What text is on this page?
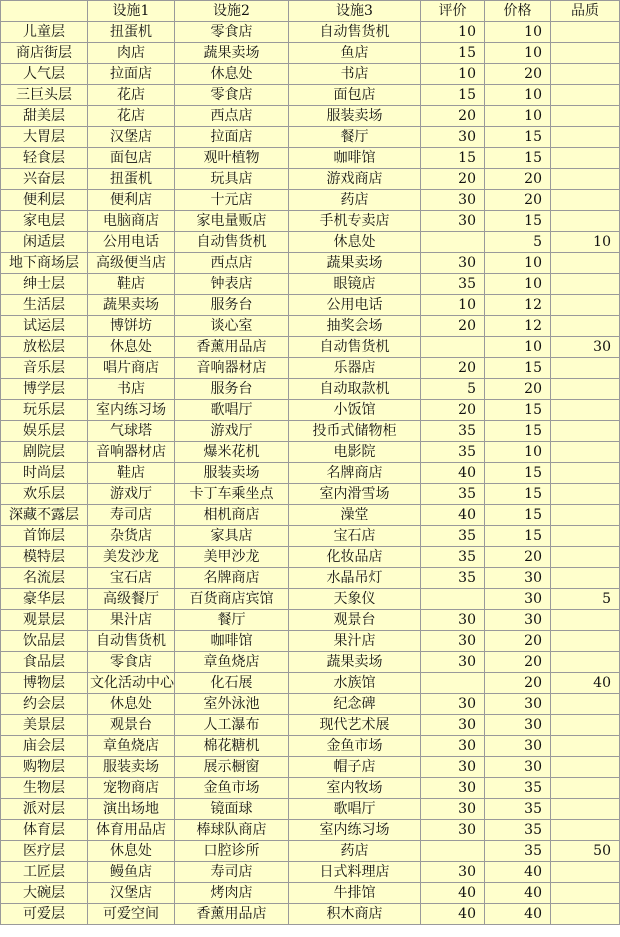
	设施1	设施2	设施3	评价	价格	品质
儿童层	扭蛋机	零食店	自动售货机	10	10	
商店街层	肉店	蔬果卖场	鱼店	15	10	
人气层	拉面店	休息处	书店	10	20	
三巨头层	花店	零食店	面包店	15	10	
甜美层	花店	西点店	服装卖场	20	10	
大胃层	汉堡店	拉面店	餐厅	30	15	
轻食层	面包店	观叶植物	咖啡馆	15	15	
兴奋层	扭蛋机	玩具店	游戏商店	20	20	
便利层	便利店	十元店	药店	30	20	
家电层	电脑商店	家电量贩店	手机专卖店	30	15	
闲适层	公用电话	自动售货机	休息处		5	10
地下商场层	高级便当店	西点店	蔬果卖场	30	10	
绅士层	鞋店	钟表店	眼镜店	35	10	
生活层	蔬果卖场	服务台	公用电话	10	12	
试运层	博饼坊	谈心室	抽奖会场	20	12	
放松层	休息处	香薰用品店	自动售货机		10	30
音乐层	唱片商店	音响器材店	乐器店	20	15	
博学层	书店	服务台	自动取款机	5	20	
玩乐层	室内练习场	歌唱厅	小饭馆	20	15	
娱乐层	气球塔	游戏厅	投币式储物柜	35	15	
剧院层	音响器材店	爆米花机	电影院	35	10	
时尚层	鞋店	服装卖场	名牌商店	40	15	
欢乐层	游戏厅	卡丁车乘坐点	室内滑雪场	35	15	
深藏不露层	寿司店	相机商店	澡堂	40	15	
首饰层	杂货店	家具店	宝石店	35	15	
模特层	美发沙龙	美甲沙龙	化妆品店	35	20	
名流层	宝石店	名牌商店	水晶吊灯	35	30	
豪华层	高级餐厅	百货商店宾馆	天象仪		30	5
观景层	果汁店	餐厅	观景台	30	30	
饮品层	自动售货机	咖啡馆	果汁店	30	20	
食品层	零食店	章鱼烧店	蔬果卖场	30	20	
博物层	文化活动中心	化石展	水族馆		20	40
约会层	休息处	室外泳池	纪念碑	30	30	
美景层	观景台	人工瀑布	现代艺术展	30	30	
庙会层	章鱼烧店	棉花糖机	金鱼市场	30	30	
购物层	服装卖场	展示橱窗	帽子店	30	30	
生物层	宠物商店	金鱼市场	室内牧场	30	35	
派对层	演出场地	镜面球	歌唱厅	30	35	
体育层	体育用品店	棒球队商店	室内练习场	30	35	
医疗层	休息处	口腔诊所	药店		35	50
工匠层	鳗鱼店	寿司店	日式料理店	30	40	
大碗层	汉堡店	烤肉店	牛排馆	40	40	
可爱层	可爱空间	香薰用品店	积木商店	40	40	
